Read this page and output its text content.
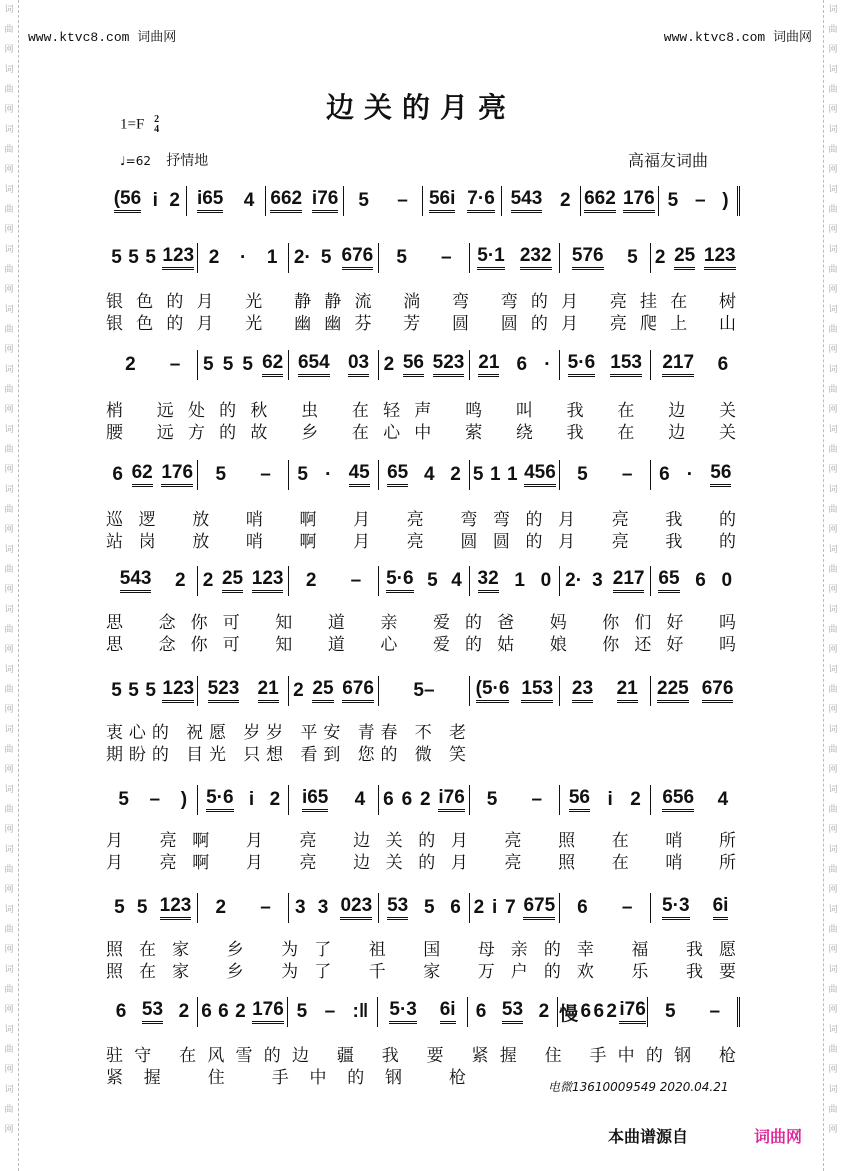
词
曲
网
词
曲
网
词
曲
网
词
曲
网
词
曲
网
词
曲
网
词
曲
网
词
曲
网
词
曲
网
词
曲
网
词
曲
网
词
曲
网
词
曲
网
词
曲
网
词
曲
网
词
曲
网
词
曲
网
词
曲
网
词
曲
网
词
曲
网
词
曲
网
词
曲
网
词
曲
网
词
曲
网
词
曲
网
词
曲
网
词
曲
网
词
曲
网
词
曲
网
词
曲
网
词
曲
网
词
曲
网
词
曲
网
词
曲
网
词
曲
网
词
曲
网
词
曲
网
词
曲
网
www.ktvc8.com 词曲网	www.ktvc8.com 词曲网
边关的月亮
1=F 2
4
♩=62 抒情地	高福友词曲
(56 i 2 i65 4 662 i76 5 – 56i 7·6 543 2 662 176 5 – )
5 5 5 123 2 · 1 2· 5 676 5 – 5·1 232 576 5 2 25 123
银色的月 光 静静流 淌 弯 弯的月 亮挂在 树
银色的月 光 幽幽芬 芳 圆 圆的月 亮爬上 山
2 – 5 5 5 62 654 03 2 56 523 21 6 · 5·6 153 217 6
梢 远处的秋 虫 在轻声 鸣 叫 我 在 边 关
腰 远方的故 乡 在心中 萦 绕 我 在 边 关
6 62 176 5 – 5 · 45 65 4 2 5 1 1 456 5 – 6 · 56
巡逻 放 哨 啊 月 亮 弯弯的月 亮 我 的
站岗 放 哨 啊 月 亮 圆圆的月 亮 我 的
543 2 2 25 123 2 – 5·6 5 4 32 1 0 2· 3 217 65 6 0
思 念你可 知 道 亲 爱的爸 妈 你们好 吗
思 念你可 知 道 心 爱的姑 娘 你还好 吗
5 5 5 123 523 21 2 25 676 5– (5·6 153 23 21 225 676
衷心的 祝愿 岁岁 平安 青春 不 老
期盼的 目光 只想 看到 您的 微 笑
5 – ) 5·6 i 2 i65 4 6 6 2 i76 5 – 56 i 2 656 4
月 亮啊 月 亮 边关的月 亮 照 在 哨 所
月 亮啊 月 亮 边关的月 亮 照 在 哨 所
5 5 123 2 – 3 3 023 53 5 6 2 i 7 675 6 – 5·3 6i
照在家 乡 为了 祖 国 母亲的幸 福 我愿
照在家 乡 为了 千 家 万户的欢 乐 我要
6 53 2 6 6 2 176 5 – :‖ 5·3 6i 6 53 2 慢 6 6 2 i76 5 –
驻守 在风雪的边 疆 我 要 紧握 住 手中的钢 枪
紧握 住 手中的钢 枪	电微13610009549 2020.04.21
本曲谱源自	词曲网
